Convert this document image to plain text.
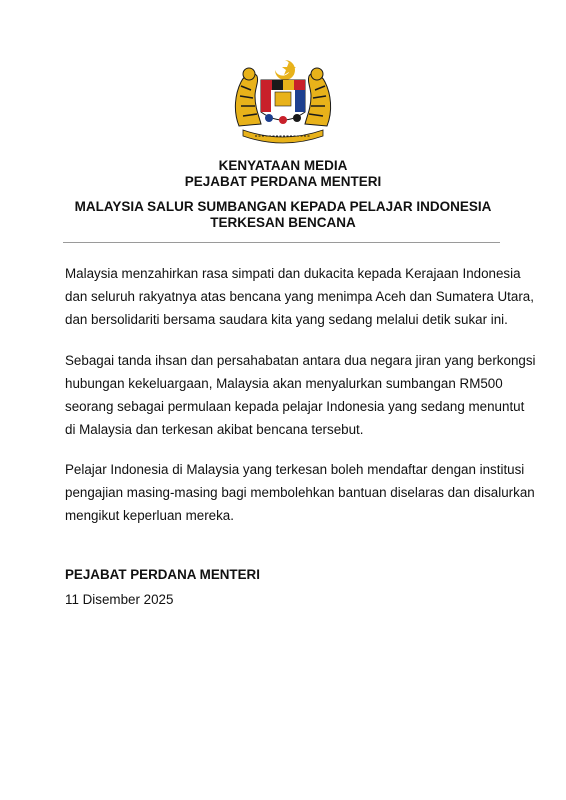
KENYATAAN MEDIA
PEJABAT PERDANA MENTERI
MALAYSIA SALUR SUMBANGAN KEPADA PELAJAR INDONESIA
TERKESAN BENCANA

Malaysia menzahirkan rasa simpati dan dukacita kepada Kerajaan Indonesia
dan seluruh rakyatnya atas bencana yang menimpa Aceh dan Sumatera Utara,
dan bersolidariti bersama saudara kita yang sedang melalui detik sukar ini.

Sebagai tanda ihsan dan persahabatan antara dua negara jiran yang berkongsi
hubungan kekeluargaan, Malaysia akan menyalurkan sumbangan RM500
seorang sebagai permulaan kepada pelajar Indonesia yang sedang menuntut
di Malaysia dan terkesan akibat bencana tersebut.

Pelajar Indonesia di Malaysia yang terkesan boleh mendaftar dengan institusi
pengajian masing-masing bagi membolehkan bantuan diselaras dan disalurkan
mengikut keperluan mereka.

PEJABAT PERDANA MENTERI
11 Disember 2025
